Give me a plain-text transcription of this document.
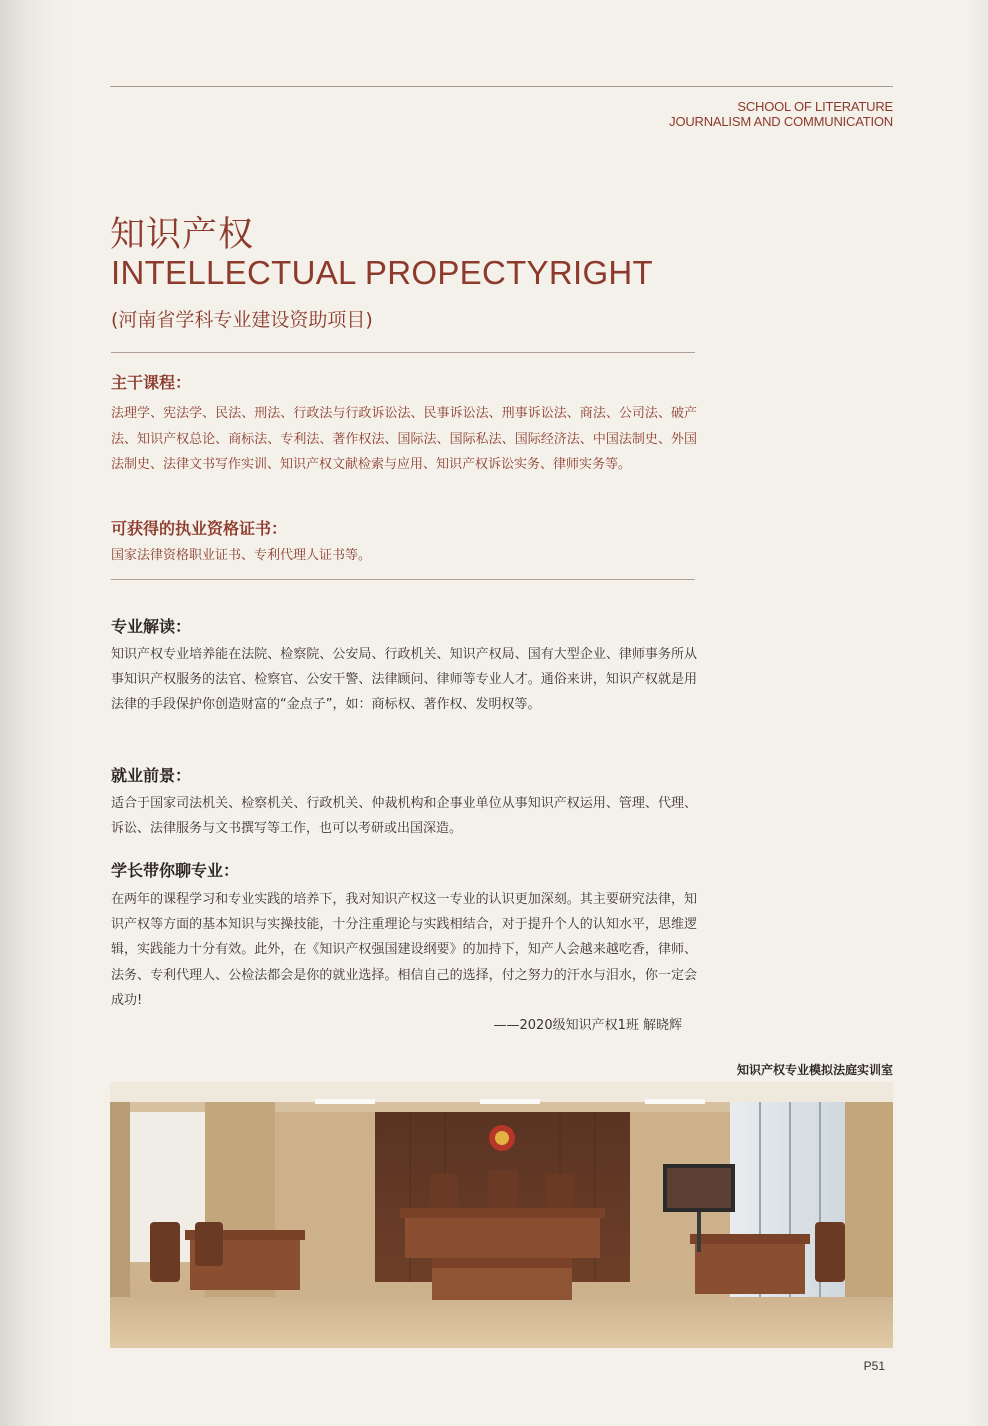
SCHOOL OF LITERATURE
JOURNALISM AND COMMUNICATION
知识产权
INTELLECTUAL PROPECTYRIGHT
(河南省学科专业建设资助项目)
主干课程：
法理学、宪法学、民法、刑法、行政法与行政诉讼法、民事诉讼法、刑事诉讼法、商法、公司法、破产法、知识产权总论、商标法、专利法、著作权法、国际法、国际私法、国际经济法、中国法制史、外国法制史、法律文书写作实训、知识产权文献检索与应用、知识产权诉讼实务、律师实务等。
可获得的执业资格证书：
国家法律资格职业证书、专利代理人证书等。
专业解读：
知识产权专业培养能在法院、检察院、公安局、行政机关、知识产权局、国有大型企业、律师事务所从事知识产权服务的法官、检察官、公安干警、法律顾问、律师等专业人才。通俗来讲，知识产权就是用法律的手段保护你创造财富的“金点子”，如：商标权、著作权、发明权等。
就业前景：
适合于国家司法机关、检察机关、行政机关、仲裁机构和企事业单位从事知识产权运用、管理、代理、诉讼、法律服务与文书撰写等工作，也可以考研或出国深造。
学长带你聊专业：
在两年的课程学习和专业实践的培养下，我对知识产权这一专业的认识更加深刻。其主要研究法律，知识产权等方面的基本知识与实操技能，十分注重理论与实践相结合，对于提升个人的认知水平，思维逻辑，实践能力十分有效。此外，在《知识产权强国建设纲要》的加持下，知产人会越来越吃香，律师、法务、专利代理人、公检法都会是你的就业选择。相信自己的选择，付之努力的汗水与泪水，你一定会成功!
——2020级知识产权1班 解晓辉
知识产权专业模拟法庭实训室
P51
